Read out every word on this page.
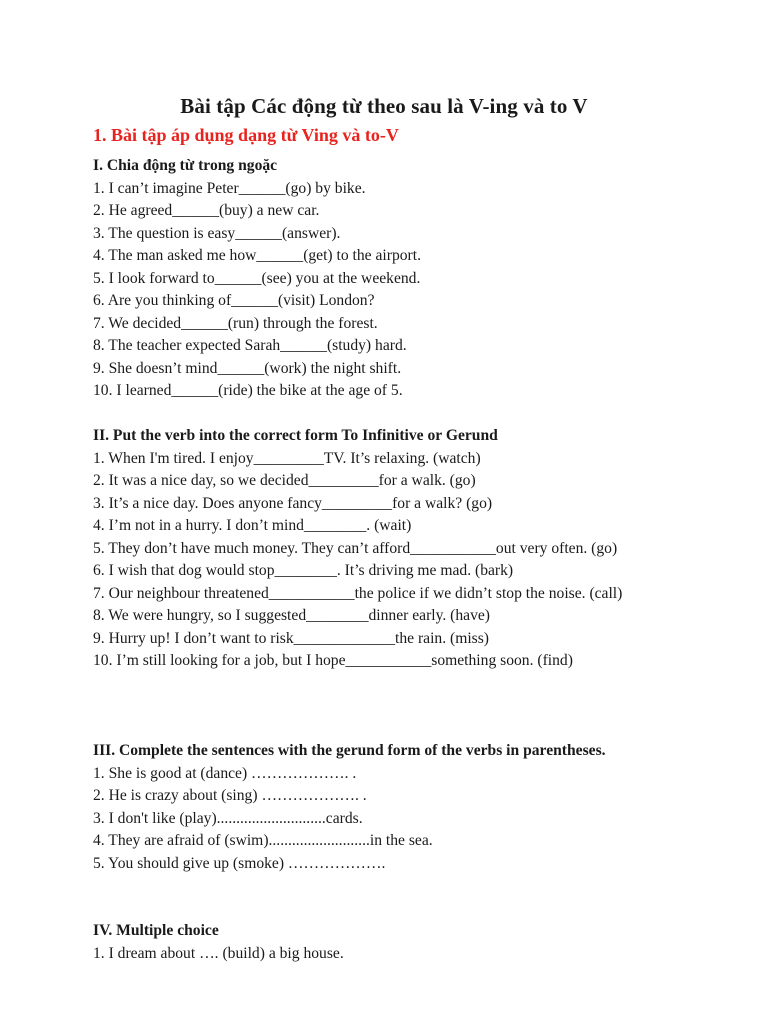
Bài tập Các động từ theo sau là V-ing và to V
1. Bài tập áp dụng dạng từ Ving và to-V
I. Chia động từ trong ngoặc
1. I can’t imagine Peter______(go) by bike.
2. He agreed______(buy) a new car.
3. The question is easy______(answer).
4. The man asked me how______(get) to the airport.
5. I look forward to______(see) you at the weekend.
6. Are you thinking of______(visit) London?
7. We decided______(run) through the forest.
8. The teacher expected Sarah______(study) hard.
9. She doesn’t mind______(work) the night shift.
10. I learned______(ride) the bike at the age of 5.
II. Put the verb into the correct form To Infinitive or Gerund
1. When I'm tired. I enjoy_________TV. It’s relaxing. (watch)
2. It was a nice day, so we decided_________for a walk. (go)
3. It’s a nice day. Does anyone fancy_________for a walk? (go)
4. I’m not in a hurry. I don’t mind________. (wait)
5. They don’t have much money. They can’t afford___________out very often. (go)
6. I wish that dog would stop________. It’s driving me mad. (bark)
7. Our neighbour threatened___________the police if we didn’t stop the noise. (call)
8. We were hungry, so I suggested________dinner early. (have)
9. Hurry up! I don’t want to risk_____________the rain. (miss)
10. I’m still looking for a job, but I hope___________something soon. (find)
III. Complete the sentences with the gerund form of the verbs in parentheses.
1. She is good at (dance) ………………. .
2. He is crazy about (sing) ………………. .
3. I don't like (play)............................cards.
4. They are afraid of (swim)..........................in the sea.
5. You should give up (smoke) ……………….
IV. Multiple choice
1. I dream about …. (build) a big house.
